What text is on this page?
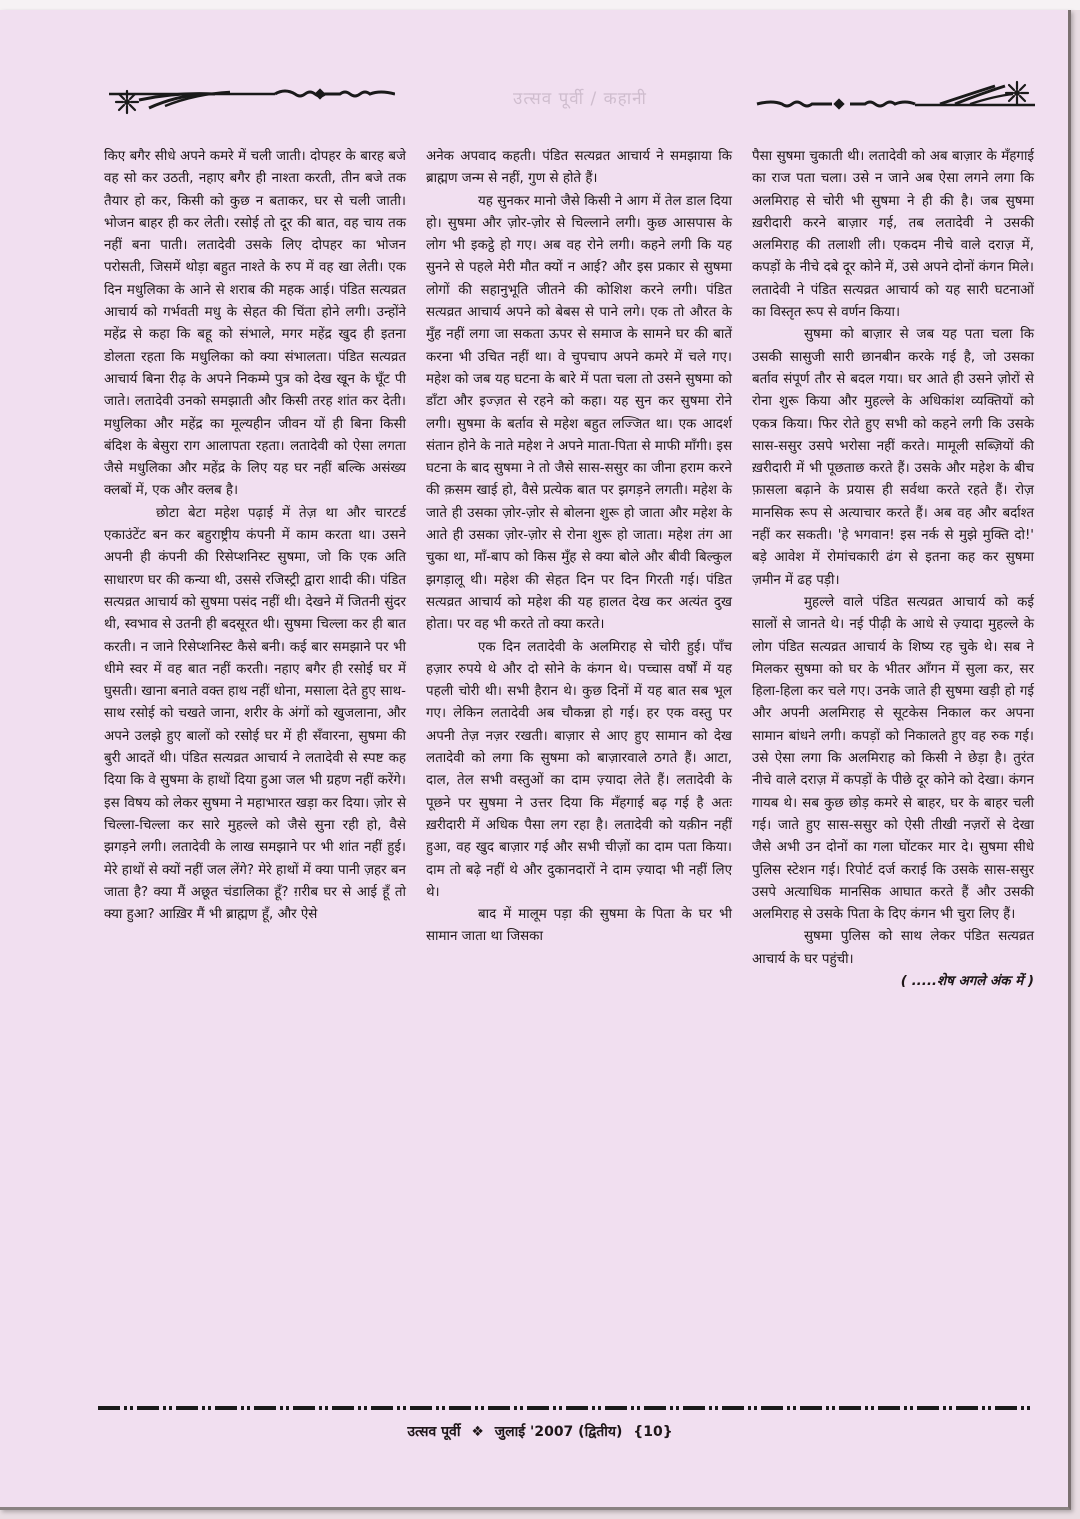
उत्सव पूर्वी / कहानी

किए बगैर सीधे अपने कमरे में चली जाती। दोपहर के बारह बजे वह सो कर उठती, नहाए बगैर ही नाश्ता करती, तीन बजे तक तैयार हो कर, किसी को कुछ न बताकर, घर से चली जाती। भोजन बाहर ही कर लेती। रसोई तो दूर की बात, वह चाय तक नहीं बना पाती। लतादेवी उसके लिए दोपहर का भोजन परोसती, जिसमें थोड़ा बहुत नाश्ते के रुप में वह खा लेती। एक दिन मधुलिका के आने से शराब की महक आई। पंडित सत्यव्रत आचार्य को गर्भवती मधु के सेहत की चिंता होने लगी। उन्होंने महेंद्र से कहा कि बहू को संभाले, मगर महेंद्र खुद ही इतना डोलता रहता कि मधुलिका को क्या संभालता। पंडित सत्यव्रत आचार्य बिना रीढ़ के अपने निकम्मे पुत्र को देख खून के घूँट पी जाते। लतादेवी उनको समझाती और किसी तरह शांत कर देती। मधुलिका और महेंद्र का मूल्यहीन जीवन यों ही बिना किसी बंदिश के बेसुरा राग आलापता रहता। लतादेवी को ऐसा लगता जैसे मधुलिका और महेंद्र के लिए यह घर नहीं बल्कि असंख्य क्लबों में, एक और क्लब है।

छोटा बेटा महेश पढ़ाई में तेज़ था और चारटर्ड एकाउंटेंट बन कर बहुराष्ट्रीय कंपनी में काम करता था। उसने अपनी ही कंपनी की रिसेप्शनिस्ट सुषमा, जो कि एक अति साधारण घर की कन्या थी, उससे रजिस्ट्री द्वारा शादी की। पंडित सत्यव्रत आचार्य को सुषमा पसंद नहीं थी। देखने में जितनी सुंदर थी, स्वभाव से उतनी ही बदसूरत थी। सुषमा चिल्ला कर ही बात करती। न जाने रिसेप्शनिस्ट कैसे बनी। कई बार समझाने पर भी धीमे स्वर में वह बात नहीं करती। नहाए बगैर ही रसोई घर में घुसती। खाना बनाते वक्त हाथ नहीं धोना, मसाला देते हुए साथ-साथ रसोई को चखते जाना, शरीर के अंगों को खुजलाना, और अपने उलझे हुए बालों को रसोई घर में ही सँवारना, सुषमा की बुरी आदतें थी। पंडित सत्यव्रत आचार्य ने लतादेवी से स्पष्ट कह दिया कि वे सुषमा के हाथों दिया हुआ जल भी ग्रहण नहीं करेंगे। इस विषय को लेकर सुषमा ने महाभारत खड़ा कर दिया। ज़ोर से चिल्ला-चिल्ला कर सारे मुहल्ले को जैसे सुना रही हो, वैसे झगड़ने लगी। लतादेवी के लाख समझाने पर भी शांत नहीं हुई। मेरे हाथों से क्यों नहीं जल लेंगे? मेरे हाथों में क्या पानी ज़हर बन जाता है? क्या मैं अछूत चंडालिका हूँ? ग़रीब घर से आई हूँ तो क्या हुआ? आख़िर मैं भी ब्राह्मण हूँ, और ऐसे

अनेक अपवाद कहती। पंडित सत्यव्रत आचार्य ने समझाया कि ब्राह्मण जन्म से नहीं, गुण से होते हैं।

यह सुनकर मानो जैसे किसी ने आग में तेल डाल दिया हो। सुषमा और ज़ोर-ज़ोर से चिल्लाने लगी। कुछ आसपास के लोग भी इकट्ठे हो गए। अब वह रोने लगी। कहने लगी कि यह सुनने से पहले मेरी मौत क्यों न आई? और इस प्रकार से सुषमा लोगों की सहानुभूति जीतने की कोशिश करने लगी। पंडित सत्यव्रत आचार्य अपने को बेबस से पाने लगे। एक तो औरत के मुँह नहीं लगा जा सकता ऊपर से समाज के सामने घर की बातें करना भी उचित नहीं था। वे चुपचाप अपने कमरे में चले गए। महेश को जब यह घटना के बारे में पता चला तो उसने सुषमा को डाँटा और इज्ज़त से रहने को कहा। यह सुन कर सुषमा रोने लगी। सुषमा के बर्ताव से महेश बहुत लज्जित था। एक आदर्श संतान होने के नाते महेश ने अपने माता-पिता से माफी माँगी। इस घटना के बाद सुषमा ने तो जैसे सास-ससुर का जीना हराम करने की क़सम खाई हो, वैसे प्रत्येक बात पर झगड़ने लगती। महेश के जाते ही उसका ज़ोर-ज़ोर से बोलना शुरू हो जाता और महेश के आते ही उसका ज़ोर-ज़ोर से रोना शुरू हो जाता। महेश तंग आ चुका था, माँ-बाप को किस मुँह से क्या बोले और बीवी बिल्कुल झगड़ालू थी। महेश की सेहत दिन पर दिन गिरती गई। पंडित सत्यव्रत आचार्य को महेश की यह हालत देख कर अत्यंत दुख होता। पर वह भी करते तो क्या करते।

एक दिन लतादेवी के अलमिराह से चोरी हुई। पाँच हज़ार रुपये थे और दो सोने के कंगन थे। पच्चास वर्षों में यह पहली चोरी थी। सभी हैरान थे। कुछ दिनों में यह बात सब भूल गए। लेकिन लतादेवी अब चौकन्ना हो गई। हर एक वस्तु पर अपनी तेज़ नज़र रखती। बाज़ार से आए हुए सामान को देख लतादेवी को लगा कि सुषमा को बाज़ारवाले ठगते हैं। आटा, दाल, तेल सभी वस्तुओं का दाम ज़्यादा लेते हैं। लतादेवी के पूछने पर सुषमा ने उत्तर दिया कि मँहगाई बढ़ गई है अतः ख़रीदारी में अधिक पैसा लग रहा है। लतादेवी को यक़ीन नहीं हुआ, वह खुद बाज़ार गई और सभी चीज़ों का दाम पता किया। दाम तो बढ़े नहीं थे और दुकानदारों ने दाम ज़्यादा भी नहीं लिए थे।

बाद में मालूम पड़ा की सुषमा के पिता के घर भी सामान जाता था जिसका

पैसा सुषमा चुकाती थी। लतादेवी को अब बाज़ार के मँहगाई का राज पता चला। उसे न जाने अब ऐसा लगने लगा कि अलमिराह से चोरी भी सुषमा ने ही की है। जब सुषमा ख़रीदारी करने बाज़ार गई, तब लतादेवी ने उसकी अलमिराह की तलाशी ली। एकदम नीचे वाले दराज़ में, कपड़ों के नीचे दबे दूर कोने में, उसे अपने दोनों कंगन मिले। लतादेवी ने पंडित सत्यव्रत आचार्य को यह सारी घटनाओं का विस्तृत रूप से वर्णन किया।

सुषमा को बाज़ार से जब यह पता चला कि उसकी सासुजी सारी छानबीन करके गई है, जो उसका बर्ताव संपूर्ण तौर से बदल गया। घर आते ही उसने ज़ोरों से रोना शुरू किया और मुहल्ले के अधिकांश व्यक्तियों को एकत्र किया। फिर रोते हुए सभी को कहने लगी कि उसके सास-ससुर उसपे भरोसा नहीं करते। मामूली सब्ज़ियों की ख़रीदारी में भी पूछताछ करते हैं। उसके और महेश के बीच फ़ासला बढ़ाने के प्रयास ही सर्वथा करते रहते हैं। रोज़ मानसिक रूप से अत्याचार करते हैं। अब वह और बर्दाश्त नहीं कर सकती। 'हे भगवान! इस नर्क से मुझे मुक्ति दो!' बड़े आवेश में रोमांचकारी ढंग से इतना कह कर सुषमा ज़मीन में ढह पड़ी।

मुहल्ले वाले पंडित सत्यव्रत आचार्य को कई सालों से जानते थे। नई पीढ़ी के आधे से ज़्यादा मुहल्ले के लोग पंडित सत्यव्रत आचार्य के शिष्य रह चुके थे। सब ने मिलकर सुषमा को घर के भीतर आँगन में सुला कर, सर हिला-हिला कर चले गए। उनके जाते ही सुषमा खड़ी हो गई और अपनी अलमिराह से सूटकेस निकाल कर अपना सामान बांधने लगी। कपड़ों को निकालते हुए वह रुक गई। उसे ऐसा लगा कि अलमिराह को किसी ने छेड़ा है। तुरंत नीचे वाले दराज़ में कपड़ों के पीछे दूर कोने को देखा। कंगन गायब थे। सब कुछ छोड़ कमरे से बाहर, घर के बाहर चली गई। जाते हुए सास-ससुर को ऐसी तीखी नज़रों से देखा जैसे अभी उन दोनों का गला घोंटकर मार दे। सुषमा सीधे पुलिस स्टेशन गई। रिपोर्ट दर्ज कराई कि उसके सास-ससुर उसपे अत्याधिक मानसिक आघात करते हैं और उसकी अलमिराह से उसके पिता के दिए कंगन भी चुरा लिए हैं।

सुषमा पुलिस को साथ लेकर पंडित सत्यव्रत आचार्य के घर पहुंची।

( .....शेष अगले अंक में )

उत्सव पूर्वी ❖ जुलाई '2007 (द्वितीय) {10}
